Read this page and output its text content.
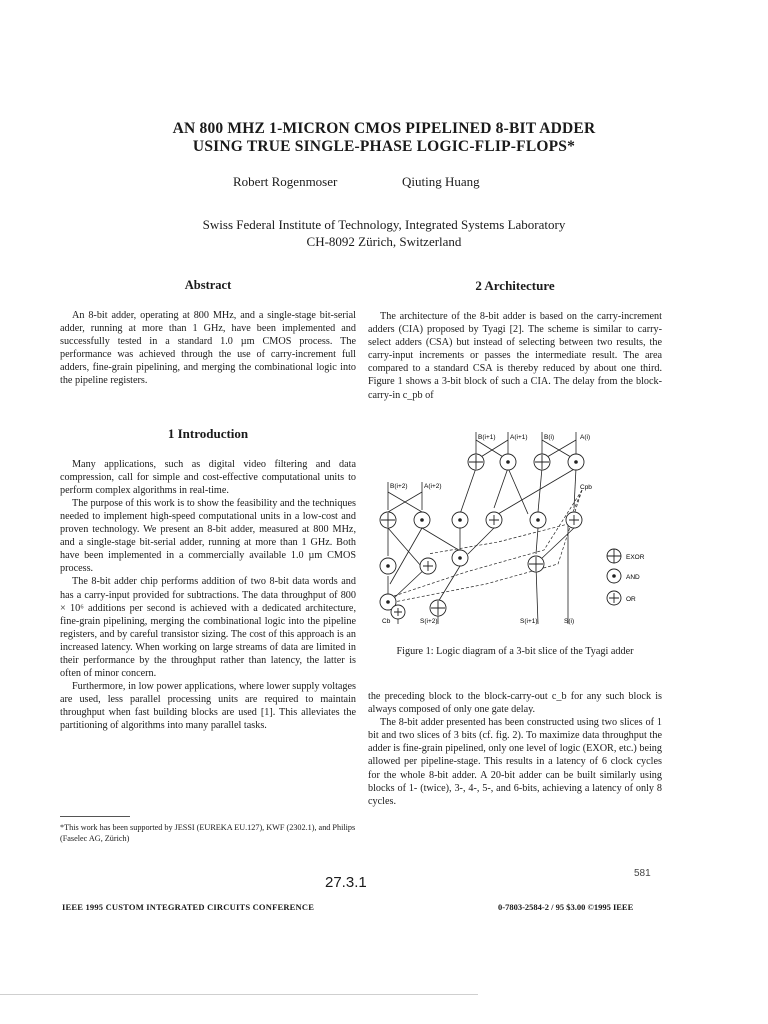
AN 800 MHZ 1-MICRON CMOS PIPELINED 8-BIT ADDER
USING TRUE SINGLE-PHASE LOGIC-FLIP-FLOPS*
Robert Rogenmoser	Qiuting Huang
Swiss Federal Institute of Technology, Integrated Systems Laboratory
CH-8092 Zürich, Switzerland
Abstract

An 8-bit adder, operating at 800 MHz, and a single-stage bit-serial adder, running at more than 1 GHz, have been implemented and successfully tested in a standard 1.0 µm CMOS process. The performance was achieved through the use of carry-increment full adders, fine-grain pipelining, and merging the combinational logic into the pipeline registers.

1 Introduction

Many applications, such as digital video filtering and data compression, call for simple and cost-effective computational units to perform complex algorithms in real-time.

The purpose of this work is to show the feasibility and the techniques needed to implement high-speed computational units in a low-cost and proven technology. We present an 8-bit adder, measured at 800 MHz, and a single-stage bit-serial adder, running at more than 1 GHz. Both have been implemented in a commercially available 1.0 µm CMOS process.

The 8-bit adder chip performs addition of two 8-bit data words and has a carry-input provided for subtractions. The data throughput of 800 × 10⁶ additions per second is achieved with a dedicated architecture, fine-grain pipelining, merging the combinational logic into the pipeline registers, and by careful transistor sizing. The cost of this approach is an increased latency. When working on large streams of data are limited in their performance by the throughput rather than latency, the latter is often of minor concern.

Furthermore, in low power applications, where lower supply voltages are used, less parallel processing units are required to maintain throughput when fast building blocks are used [1]. This alleviates the partitioning of algorithms into many parallel tasks.

2 Architecture

The architecture of the 8-bit adder is based on the carry-increment adders (CIA) proposed by Tyagi [2]. The scheme is similar to carry-select adders (CSA) but instead of selecting between two results, the carry-input increments or passes the intermediate result. The area compared to a standard CSA is thereby reduced by about one third. Figure 1 shows a 3-bit block of such a CIA. The delay from the block-carry-in c_pb of

B(i+1) A(i+1)	B(i)	A(i)
B(i+2)	A(i+2)	Cpb
Cb	S(i+2)	S(i+1)	S(i)
EXOR
AND
OR
Figure 1: Logic diagram of a 3-bit slice of the Tyagi adder

the preceding block to the block-carry-out c_b for any such block is always composed of only one gate delay.

The 8-bit adder presented has been constructed using two slices of 1 bit and two slices of 3 bits (cf. fig. 2). To maximize data throughput the adder is fine-grain pipelined, only one level of logic (EXOR, etc.) being allowed per pipeline-stage. This results in a latency of 6 clock cycles for the whole 8-bit adder. A 20-bit adder can be built similarly using blocks of 1- (twice), 3-, 4-, 5-, and 6-bits, achieving a latency of only 8 cycles.

*This work has been supported by JESSI (EUREKA EU.127), KWF (2302.1), and Philips (Faselec AG, Zürich)
581
27.3.1
IEEE 1995 CUSTOM INTEGRATED CIRCUITS CONFERENCE	0-7803-2584-2 / 95 $3.00 ©1995 IEEE
